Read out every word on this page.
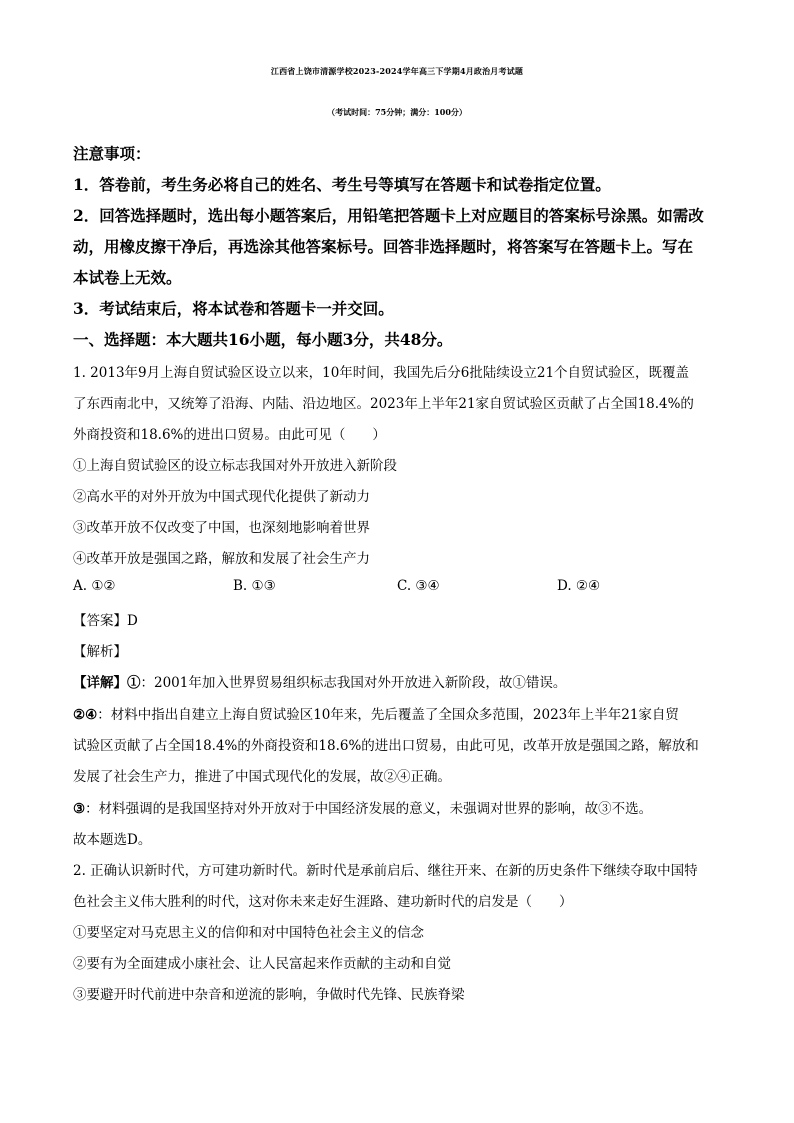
江西省上饶市清源学校2023-2024学年高三下学期4月政治月考试题
（考试时间：75分钟；满分：100分）
注意事项：
1．答卷前，考生务必将自己的姓名、考生号等填写在答题卡和试卷指定位置。
2．回答选择题时，选出每小题答案后，用铅笔把答题卡上对应题目的答案标号涂黑。如需改
动，用橡皮擦干净后，再选涂其他答案标号。回答非选择题时，将答案写在答题卡上。写在
本试卷上无效。
3．考试结束后，将本试卷和答题卡一并交回。
一、选择题：本大题共16小题，每小题3分，共48分。
1. 2013年9月上海自贸试验区设立以来，10年时间，我国先后分6批陆续设立21个自贸试验区，既覆盖
了东西南北中，又统筹了沿海、内陆、沿边地区。2023年上半年21家自贸试验区贡献了占全国18.4%的
外商投资和18.6%的进出口贸易。由此可见（　　）
①上海自贸试验区的设立标志我国对外开放进入新阶段
②高水平的对外开放为中国式现代化提供了新动力
③改革开放不仅改变了中国，也深刻地影响着世界
④改革开放是强国之路，解放和发展了社会生产力
A. ①②	B. ①③	C. ③④	D. ②④
【答案】D
【解析】
【详解】①：2001年加入世界贸易组织标志我国对外开放进入新阶段，故①错误。
②④：材料中指出自建立上海自贸试验区10年来，先后覆盖了全国众多范围，2023年上半年21家自贸
试验区贡献了占全国18.4%的外商投资和18.6%的进出口贸易，由此可见，改革开放是强国之路，解放和
发展了社会生产力，推进了中国式现代化的发展，故②④正确。
③：材料强调的是我国坚持对外开放对于中国经济发展的意义，未强调对世界的影响，故③不选。
故本题选D。
2. 正确认识新时代，方可建功新时代。新时代是承前启后、继往开来、在新的历史条件下继续夺取中国特
色社会主义伟大胜利的时代，这对你未来走好生涯路、建功新时代的启发是（　　）
①要坚定对马克思主义的信仰和对中国特色社会主义的信念
②要有为全面建成小康社会、让人民富起来作贡献的主动和自觉
③要避开时代前进中杂音和逆流的影响，争做时代先锋、民族脊梁
